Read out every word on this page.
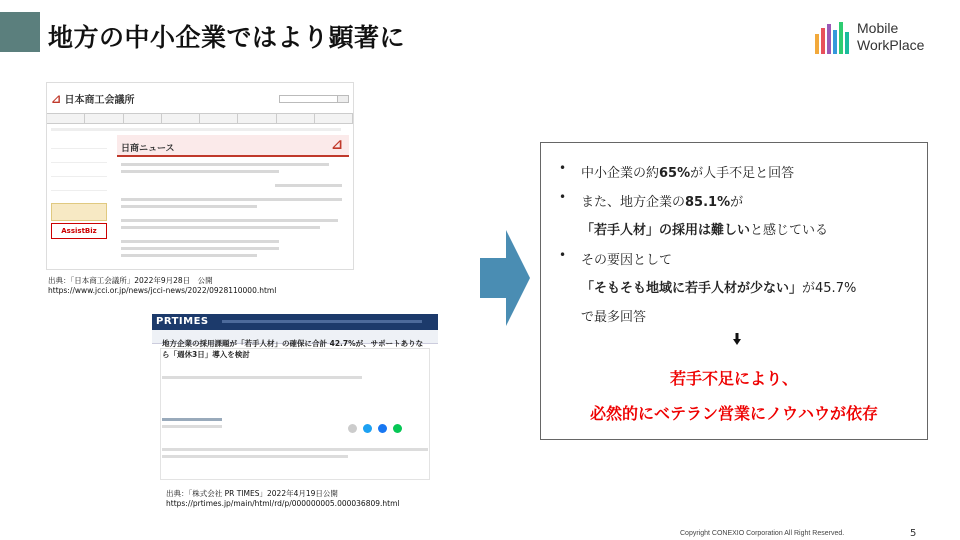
地方の中小企業ではより顕著に	Mobile
WorkPlace
⊿ 日本商工会議所
AssistBiz
日商ニュース	⊿
出典：「日本商工会議所」2022年9月28日　公開
https://www.jcci.or.jp/news/jcci-news/2022/0928110000.html
PRTIMES
地方企業の採用課題が「若手人材」の確保に合計 42.7%が、サポートありなら「週休3日」導入を検討
出典：「株式会社 PR TIMES」2022年4月19日公開
https://prtimes.jp/main/html/rd/p/000000005.000036809.html
• 中小企業の約65%が人手不足と回答
• また、地方企業の85.1%が
「若手人材」の採用は難しいと感じている
• その要因として
「そもそも地域に若手人材が少ない」が45.7%
で最多回答
若手不足により、
必然的にベテラン営業にノウハウが依存
Copyright CONEXIO Corporation All Right Reserved.	5
